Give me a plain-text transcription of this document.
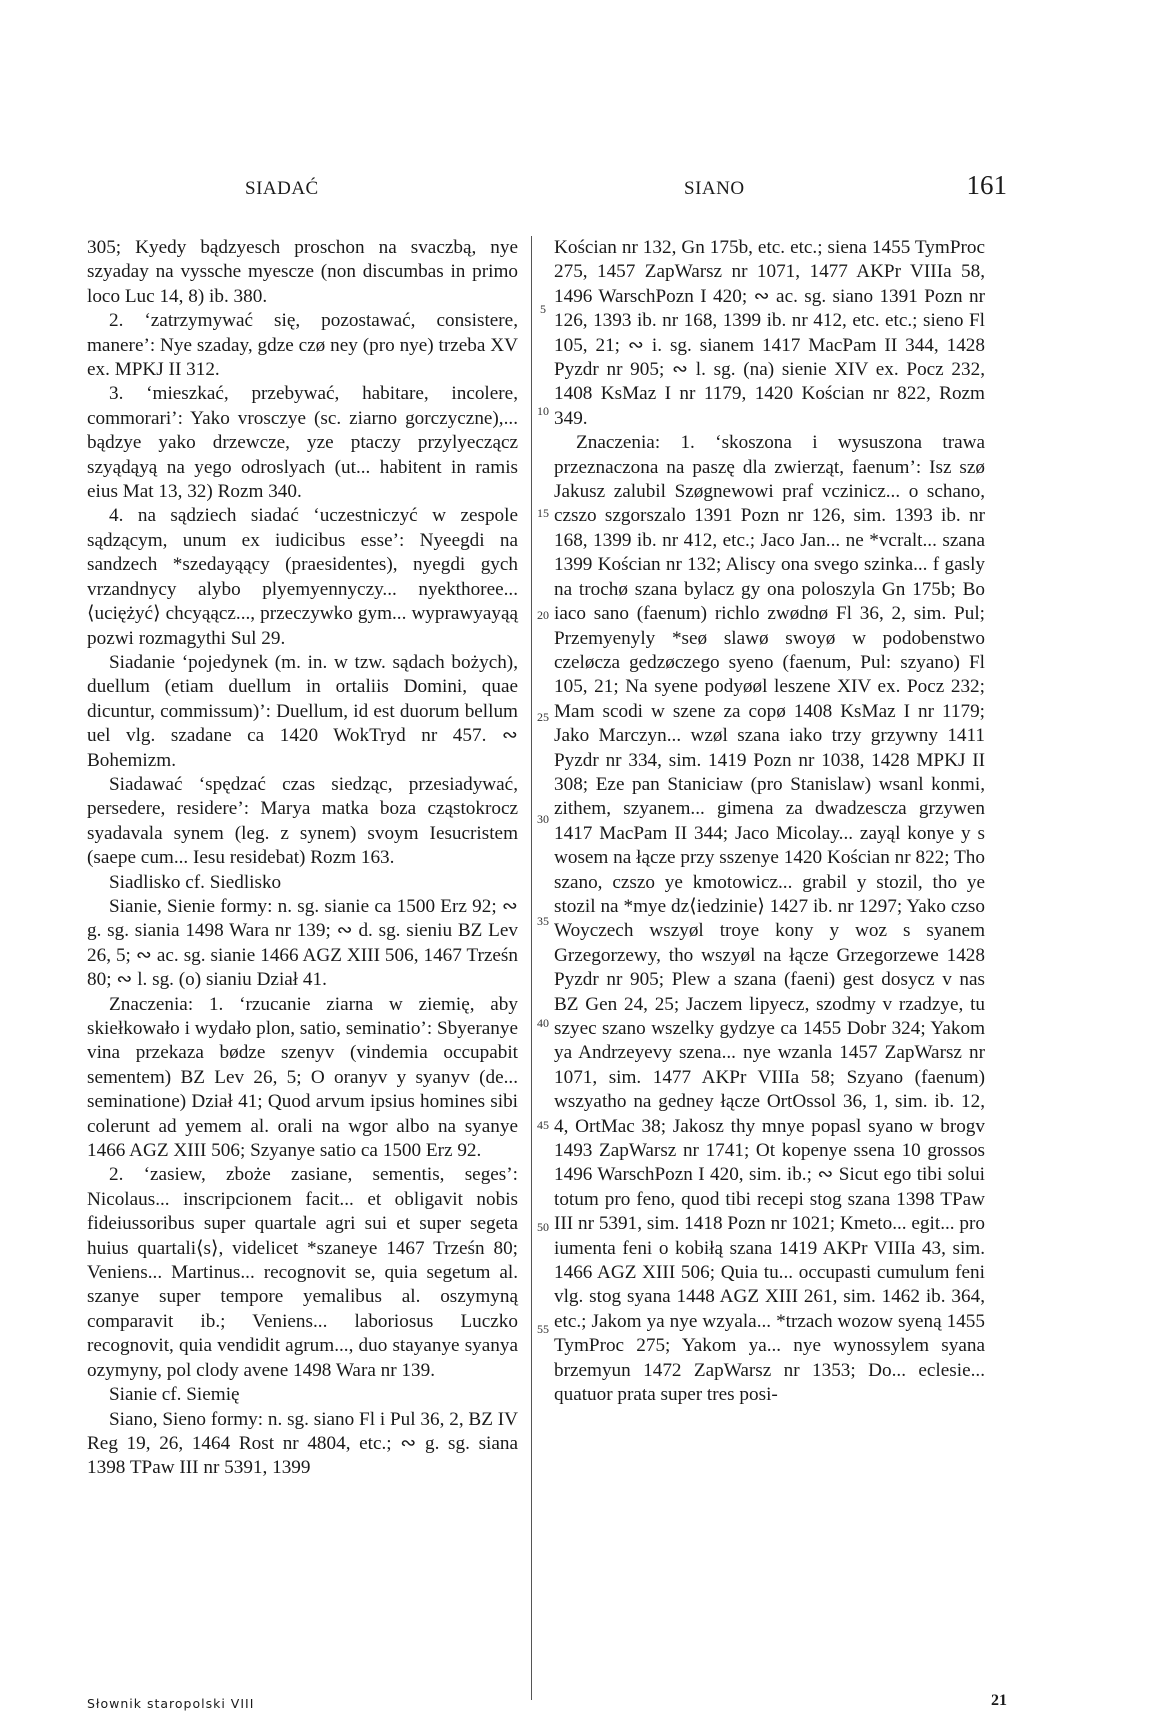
SIADAĆ	SIANO	161

305; Kyedy bądzyesch proschon na svaczbą, nye szyaday na vyssche myescze (non discumbas in primo loco Luc 14, 8) ib. 380.

2. ‘zatrzymywać się, pozostawać, consistere, manere’: Nye szaday, gdze czø ney (pro nye) trzeba XV ex. MPKJ II 312.

3. ‘mieszkać, przebywać, habitare, incolere, commorari’: Yako vrosczye (sc. ziarno gorczyczne),... bądzye yako drzewcze, yze ptaczy przylyecząсz szyądąyą na yego odroslyach (ut... habitent in ramis eius Mat 13, 32) Rozm 340.

4. na sądziech siadać ‘uczestniczyć w zespole sądzącym, unum ex iudicibus esse’: Nyeegdi na sandzech *szedayąący (praesidentes), nyegdi gych vrzandnycy alybo plyemyennyczy... nyekthoree... ⟨uciężyć⟩ chcyąącz..., przeczywko gym... wyprawyayąą pozwi rozmagythi Sul 29.

Siadanie ‘pojedynek (m. in. w tzw. sądach bożych), duellum (etiam duellum in ortaliis Domini, quae dicuntur, commissum)’: Duellum, id est duorum bellum uel vlg. szadane ca 1420 WokTryd nr 457. ∾ Bohemizm.

Siadawać ‘spędzać czas siedząc, przesiadywać, persedere, residere’: Marya matka boza cząstokrocz syadavala synem (leg. z synem) svoym Iesucristem (saepe cum... Iesu residebat) Rozm 163.

Siadlisko cf. Siedlisko

Sianie, Sienie formy: n. sg. sianie ca 1500 Erz 92; ∾ g. sg. siania 1498 Wara nr 139; ∾ d. sg. sieniu BZ Lev 26, 5; ∾ ac. sg. sianie 1466 AGZ XIII 506, 1467 Trześn 80; ∾ l. sg. (o) sianiu Dział 41.

Znaczenia: 1. ‘rzucanie ziarna w ziemię, aby skiełkowało i wydało plon, satio, seminatio’: Sbyeranye vina przekaza bødze szenyv (vindemia occupabit sementem) BZ Lev 26, 5; O oranyv y syanyv (de... seminatione) Dział 41; Quod arvum ipsius homines sibi colerunt ad yemem al. orali na wgor albo na syanye 1466 AGZ XIII 506; Szyanye satio ca 1500 Erz 92.

2. ‘zasiew, zboże zasiane, sementis, seges’: Nicolaus... inscripcionem facit... et obligavit nobis fideiussoribus super quartale agri sui et super segeta huius quartali⟨s⟩, videlicet *szaneye 1467 Trześn 80; Veniens... Martinus... recognovit se, quia segetum al. szanye super tempore yemalibus al. oszymyną comparavit ib.; Veniens... laboriosus Luczko recognovit, quia vendidit agrum..., duo stayanye syanya ozymyny, pol clody avene 1498 Wara nr 139.

Sianie cf. Siemię

Siano, Sieno formy: n. sg. siano Fl i Pul 36, 2, BZ IV Reg 19, 26, 1464 Rost nr 4804, etc.; ∾ g. sg. siana 1398 TPaw III nr 5391, 1399

5
10
15
20
25
30
35
40
45
50
55

Kościan nr 132, Gn 175b, etc. etc.; siena 1455 TymProc 275, 1457 ZapWarsz nr 1071, 1477 AKPr VIIIa 58, 1496 WarschPozn I 420; ∾ ac. sg. siano 1391 Pozn nr 126, 1393 ib. nr 168, 1399 ib. nr 412, etc. etc.; sieno Fl 105, 21; ∾ i. sg. sianem 1417 MacPam II 344, 1428 Pyzdr nr 905; ∾ l. sg. (na) sienie XIV ex. Pocz 232, 1408 KsMaz I nr 1179, 1420 Kościan nr 822, Rozm 349.

Znaczenia: 1. ‘skoszona i wysuszona trawa przeznaczona na paszę dla zwierząt, faenum’: Isz szø Jakusz zalubil Szøgnewowi praf vczinicz... o schano, czszo szgorszalo 1391 Pozn nr 126, sim. 1393 ib. nr 168, 1399 ib. nr 412, etc.; Jaco Jan... ne *vcralt... szana 1399 Kościan nr 132; Aliscy ona svego szinka... f gasly na trochø szana bylacz gy ona poloszyla Gn 175b; Bo iaco sano (faenum) richlo zwødnø Fl 36, 2, sim. Pul; Przemyenyly *seø slawø swoyø w podobenstwo czeløcza gedzøczego syeno (faenum, Pul: szyano) Fl 105, 21; Na syene podyøøl leszene XIV ex. Pocz 232; Mam scodi w szene za copø 1408 KsMaz I nr 1179; Jako Marczyn... wzøl szana iako trzy grzywny 1411 Pyzdr nr 334, sim. 1419 Pozn nr 1038, 1428 MPKJ II 308; Eze pan Staniciaw (pro Stanislaw) wsanl konmi, zithem, szyanem... gimena za dwadzescza grzywen 1417 MacPam II 344; Jaco Micolay... zayąl konye y s wosem na łącze przy sszenye 1420 Kościan nr 822; Tho szano, czszo ye kmotowicz... grabil y stozil, tho ye stozil na *mye dz⟨iedzinie⟩ 1427 ib. nr 1297; Yako czso Woyczech wszyøl troye kony y woz s syanem Grzegorzewy, tho wszyøl na łącze Grzegorzewe 1428 Pyzdr nr 905; Plew a szana (faeni) gest dosycz v nas BZ Gen 24, 25; Jaczem lipyecz, szodmy v rzadzye, tu szyec szano wszelky gydzye ca 1455 Dobr 324; Yakom ya Andrzeyevy szena... nye wzanla 1457 ZapWarsz nr 1071, sim. 1477 AKPr VIIIa 58; Szyano (faenum) wszyatho na gedney łącze OrtOssol 36, 1, sim. ib. 12, 4, OrtMac 38; Jakosz thy mnye popasl syano w brogv 1493 ZapWarsz nr 1741; Ot kopenye ssena 10 grossos 1496 WarschPozn I 420, sim. ib.; ∾ Sicut ego tibi solui totum pro feno, quod tibi recepi stog szana 1398 TPaw III nr 5391, sim. 1418 Pozn nr 1021; Kmeto... egit... pro iumenta feni o kobiłą szana 1419 AKPr VIIIa 43, sim. 1466 AGZ XIII 506; Quia tu... occupasti cumulum feni vlg. stog syana 1448 AGZ XIII 261, sim. 1462 ib. 364, etc.; Jakom ya nye wzyala... *trzach wozow syeną 1455 TymProc 275; Yakom ya... nye wynossylem syana brzemyun 1472 ZapWarsz nr 1353; Do... eclesie... quatuor prata super tres posi-

Słownik staropolski VIII	21
